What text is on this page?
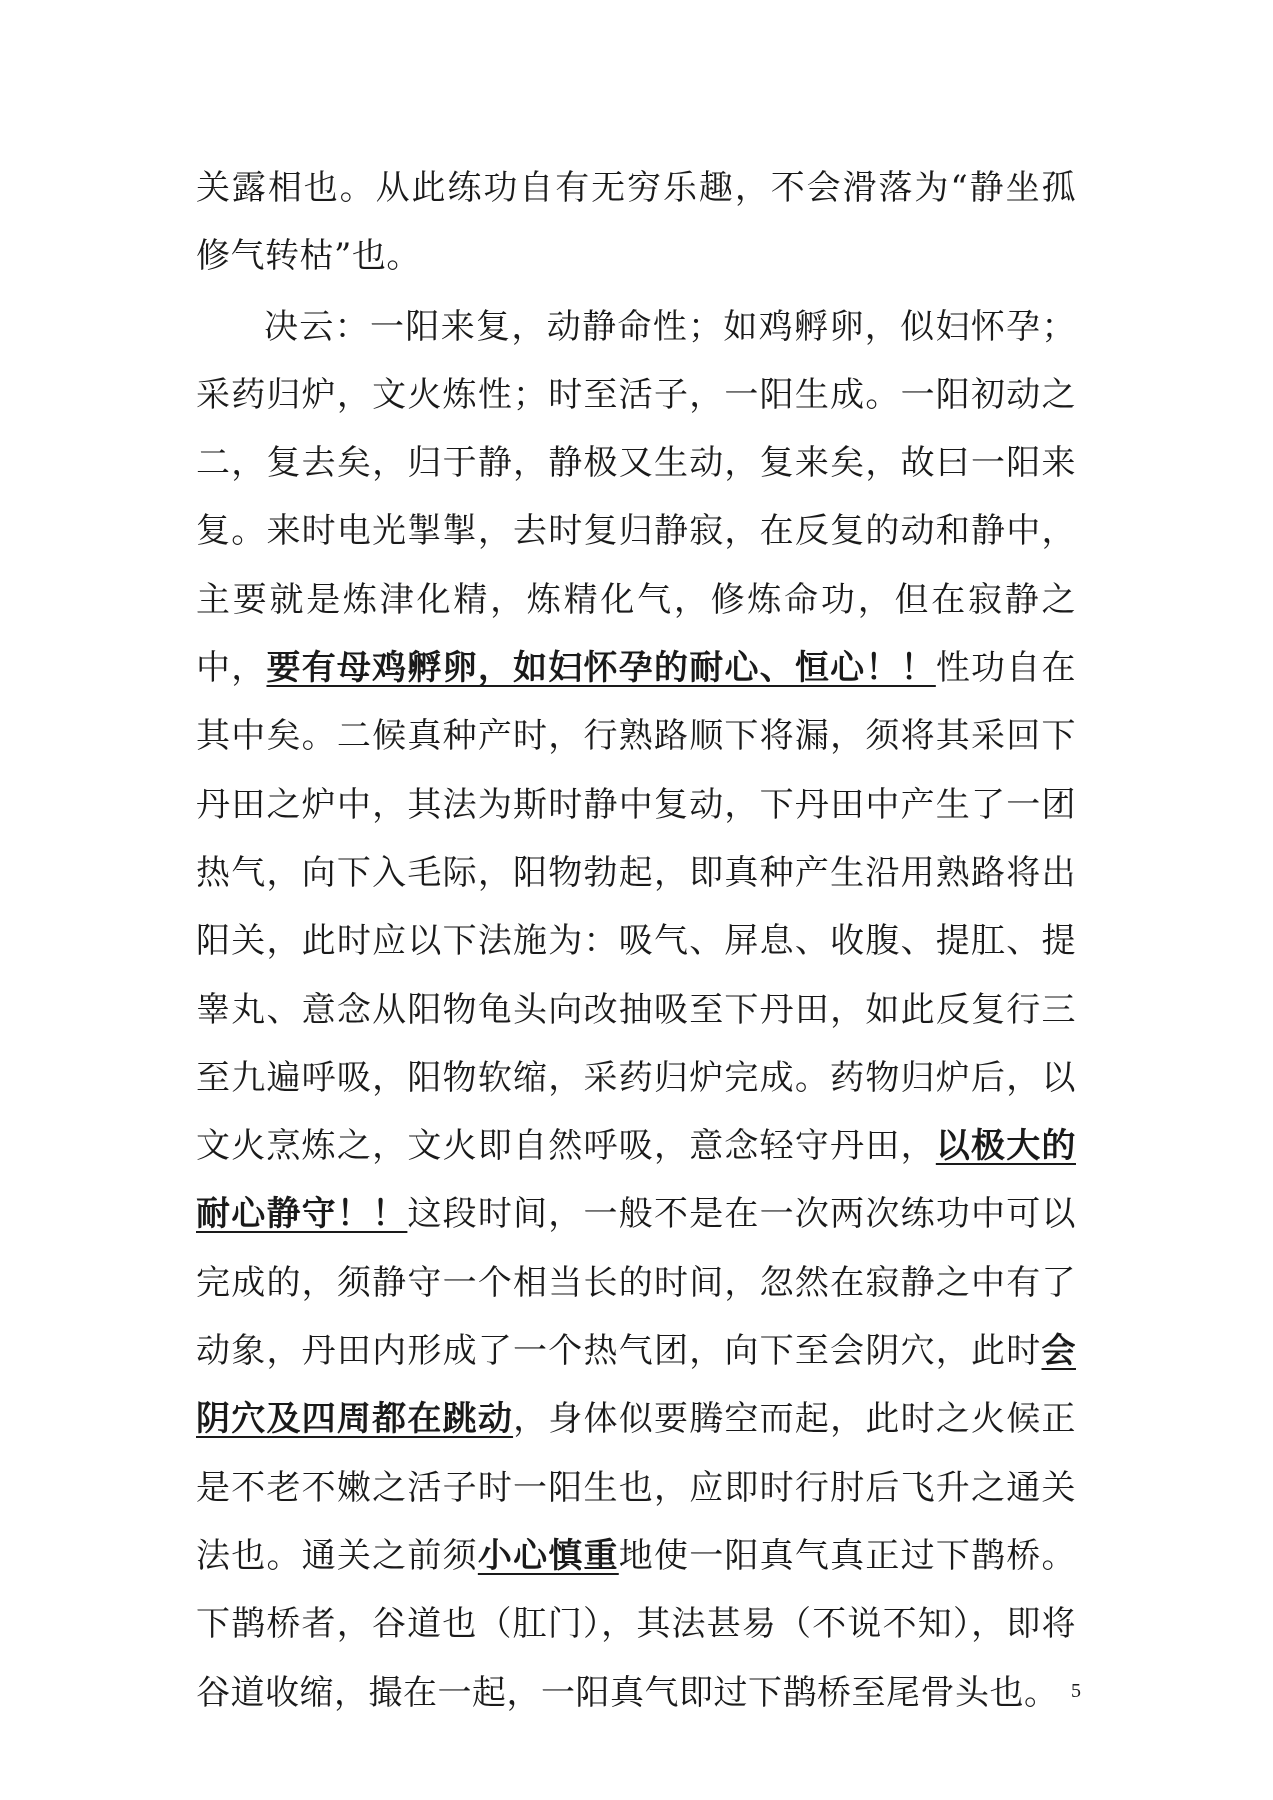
关露相也。从此练功自有无穷乐趣，不会滑落为“静坐孤修气转枯”也。

决云：一阳来复，动静命性；如鸡孵卵，似妇怀孕；采药归炉，文火炼性；时至活子，一阳生成。一阳初动之二，复去矣，归于静，静极又生动，复来矣，故曰一阳来复。来时电光掣掣，去时复归静寂，在反复的动和静中，主要就是炼津化精，炼精化气，修炼命功，但在寂静之中，要有母鸡孵卵，如妇怀孕的耐心、恒心！！性功自在其中矣。二候真种产时，行熟路顺下将漏，须将其采回下丹田之炉中，其法为斯时静中复动，下丹田中产生了一团热气，向下入毛际，阳物勃起，即真种产生沿用熟路将出阳关，此时应以下法施为：吸气、屏息、收腹、提肛、提睾丸、意念从阳物龟头向改抽吸至下丹田，如此反复行三至九遍呼吸，阳物软缩，采药归炉完成。药物归炉后，以文火烹炼之，文火即自然呼吸，意念轻守丹田，以极大的耐心静守！！这段时间，一般不是在一次两次练功中可以完成的，须静守一个相当长的时间，忽然在寂静之中有了动象，丹田内形成了一个热气团，向下至会阴穴，此时会阴穴及四周都在跳动，身体似要腾空而起，此时之火候正是不老不嫩之活子时一阳生也，应即时行肘后飞升之通关法也。通关之前须小心慎重地使一阳真气真正过下鹊桥。下鹊桥者，谷道也（肛门），其法甚易（不说不知），即将谷道收缩，撮在一起，一阳真气即过下鹊桥至尾骨头也。 5
